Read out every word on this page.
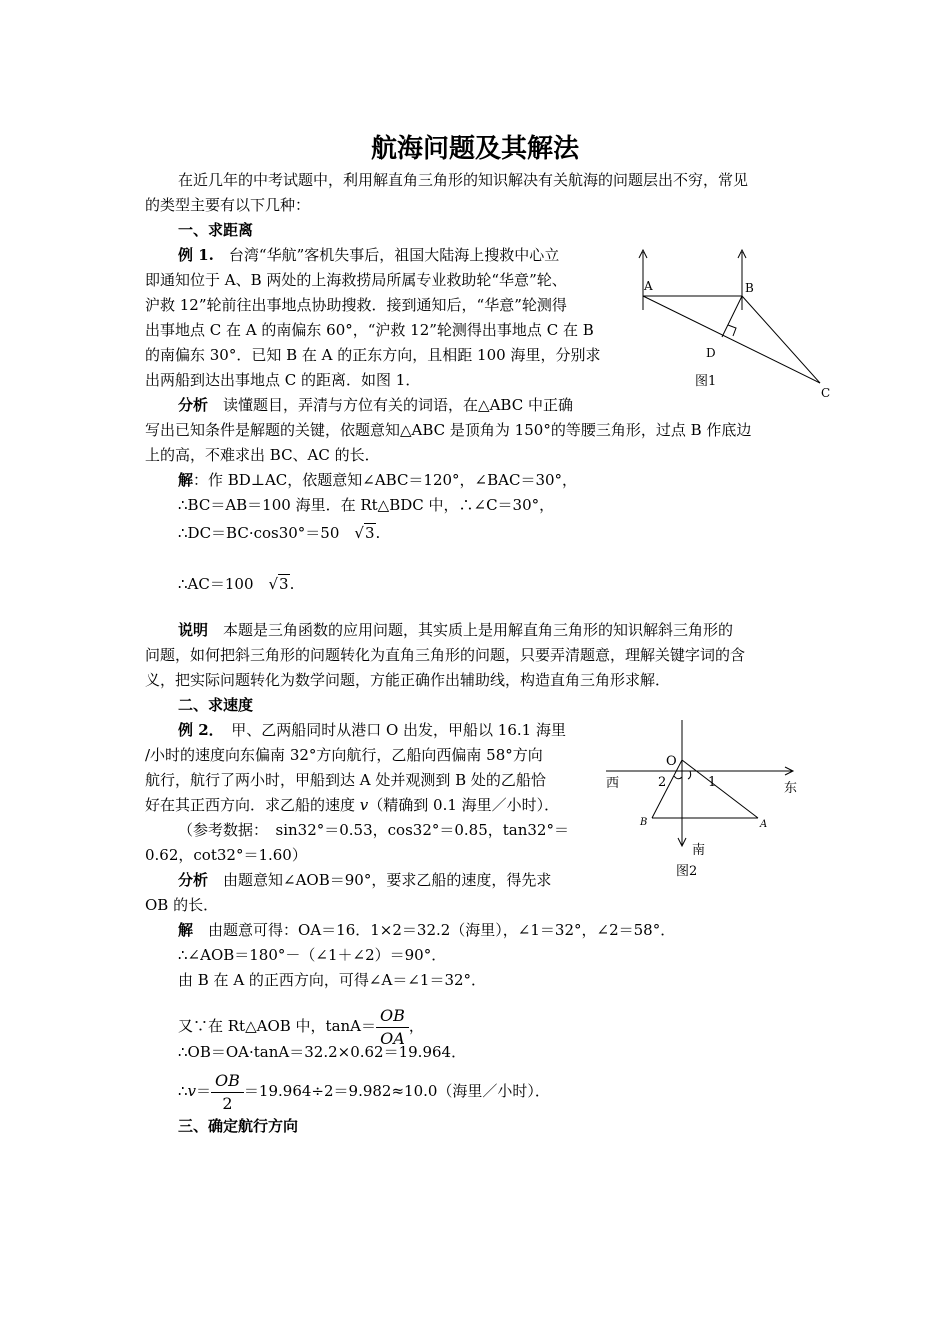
航海问题及其解法
在近几年的中考试题中，利用解直角三角形的知识解决有关航海的问题层出不穷，常见
的类型主要有以下几种：
一、求距离
例 1.　 台湾“华航”客机失事后，祖国大陆海上搜救中心立
即通知位于 A、B 两处的上海救捞局所属专业救助轮“华意”轮、
沪救 12”轮前往出事地点协助搜救．接到通知后，“华意”轮测得
出事地点 C 在 A 的南偏东 60°，“沪救 12”轮测得出事地点 C 在 B
的南偏东 30°．已知 B 在 A 的正东方向，且相距 100 海里，分别求
出两船到达出事地点 C 的距离．如图 1．
分析　 读懂题目，弄清与方位有关的词语，在△ABC 中正确
写出已知条件是解题的关键，依题意知△ABC 是顶角为 150°的等腰三角形，过点 B 作底边
上的高，不难求出 BC、AC 的长．
解：作 BD⊥AC，依题意知∠ABC＝120°，∠BAC＝30°，
∴BC＝AB＝100 海里．在 Rt△BDC 中，∴∠C＝30°，
∴DC＝BC·cos30°＝50　√3.
∴AC＝100　√3.
说明　 本题是三角函数的应用问题，其实质上是用解直角三角形的知识解斜三角形的
问题，如何把斜三角形的问题转化为直角三角形的问题，只要弄清题意，理解关键字词的含
义，把实际问题转化为数学问题，方能正确作出辅助线，构造直角三角形求解．
二、求速度
例 2．　 甲、乙两船同时从港口 O 出发，甲船以 16.1 海里
/小时的速度向东偏南 32°方向航行，乙船向西偏南 58°方向
航行，航行了两小时，甲船到达 A 处并观测到 B 处的乙船恰
好在其正西方向．求乙船的速度 v（精确到 0.1 海里／小时）．
（参考数据：　sin32°＝0.53，cos32°＝0.85，tan32°＝
0.62，cot32°＝1.60）
分析　 由题意知∠AOB＝90°，要求乙船的速度，得先求
OB 的长．
解　 由题意可得：OA＝16．1×2＝32.2（海里），∠1＝32°，∠2＝58°．
∴∠AOB＝180°－（∠1＋∠2）＝90°．
由 B 在 A 的正西方向，可得∠A＝∠1＝32°．
又∵在 Rt△AOB 中，$\tan A= \frac{OB}{OA}$ ，
∴OB＝OA·tanA＝32.2×0.62＝19.964．
∴v＝ $\frac{OB}{2} =19.964\div 2=9.982\approx 10.0$（海里／小时）．
三、确定航行方向
A	B
D
C
图1
O
西	东
2	1
B	A
南
图2
